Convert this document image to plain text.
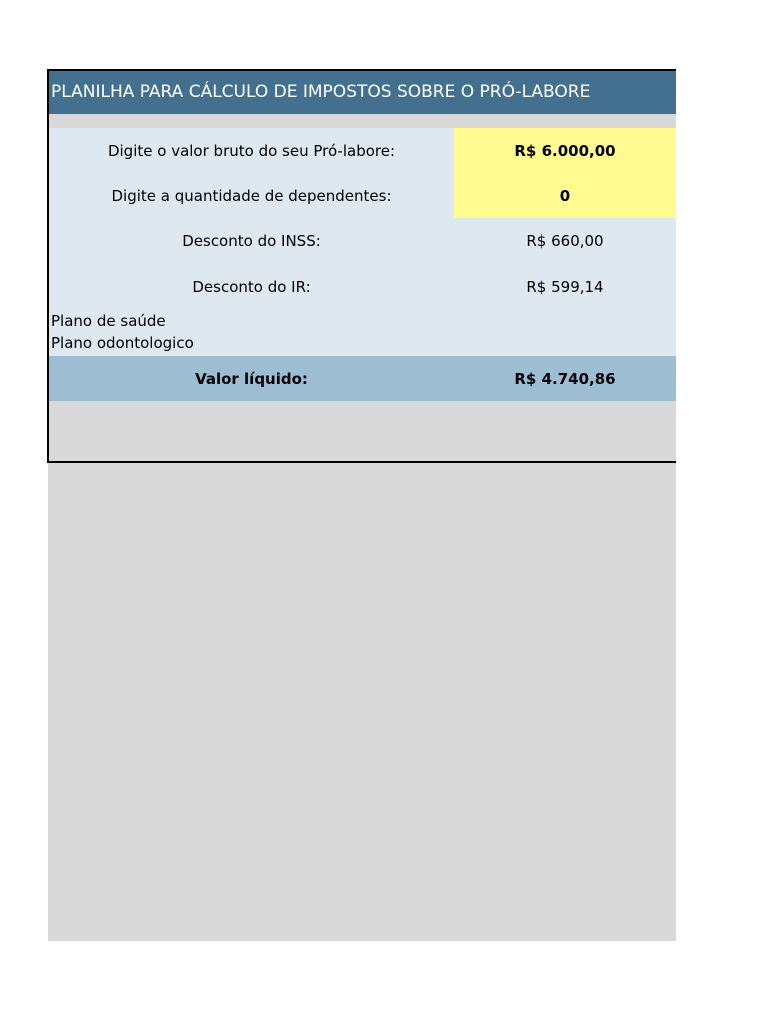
PLANILHA PARA CÁLCULO DE IMPOSTOS SOBRE O PRÓ-LABORE
Digite o valor bruto do seu Pró-labore:	R$ 6.000,00
Digite a quantidade de dependentes:	0
Desconto do INSS:	R$ 660,00
Desconto do IR:	R$ 599,14
Plano de saúde
Plano odontologico
Valor líquido:	R$ 4.740,86
